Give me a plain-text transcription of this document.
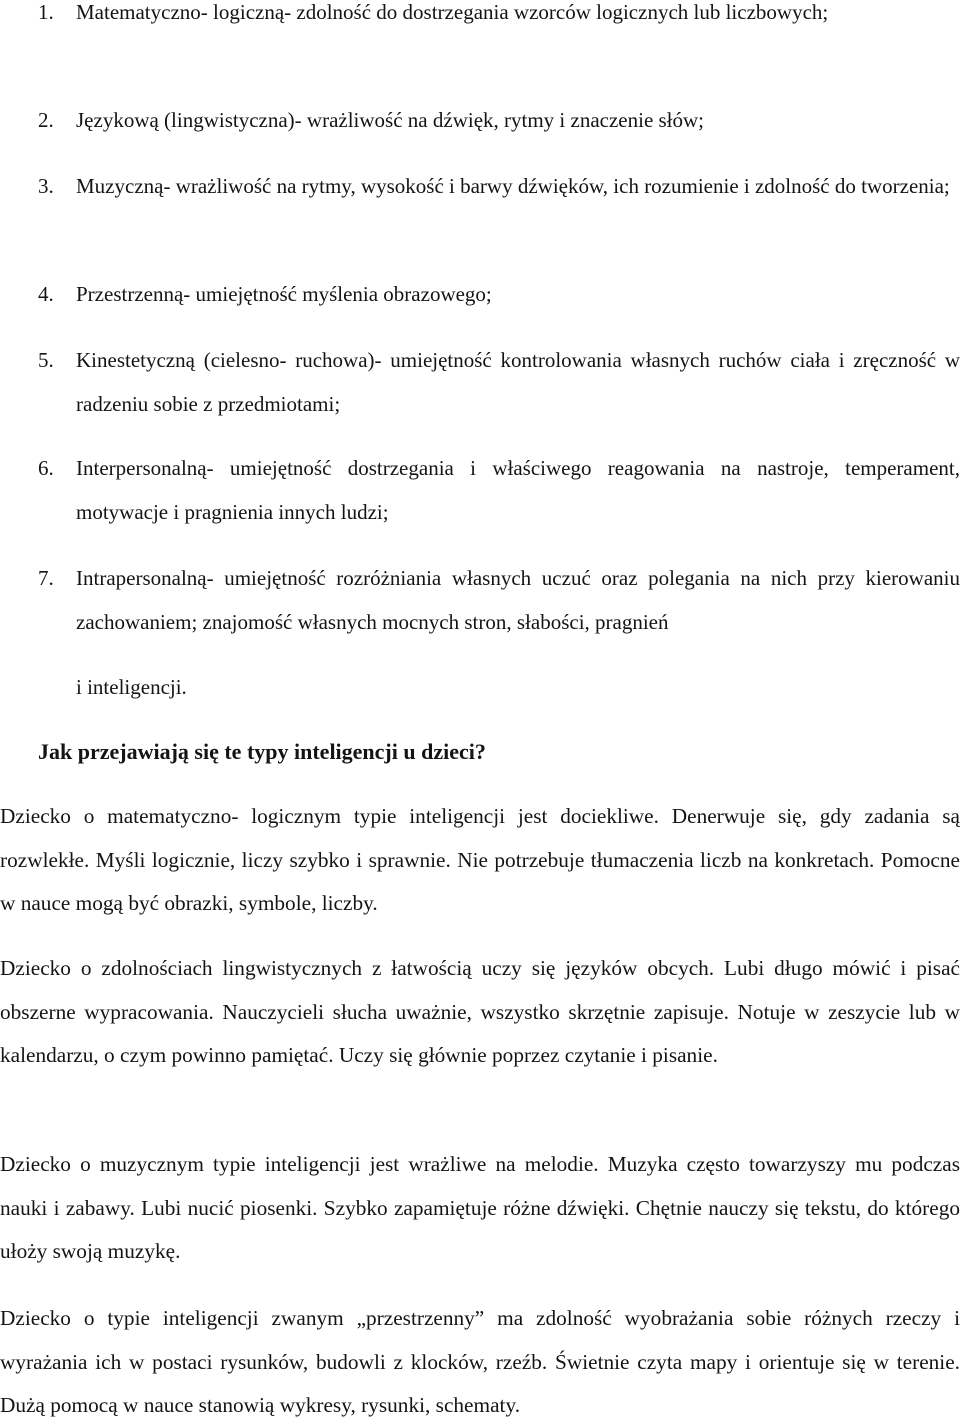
1. Matematyczno- logiczną- zdolność do dostrzegania wzorców logicznych lub liczbowych;
2. Językową (lingwistyczna)- wrażliwość na dźwięk, rytmy i znaczenie słów;
3. Muzyczną- wrażliwość na rytmy, wysokość i barwy dźwięków, ich rozumienie i zdolność do tworzenia;
4. Przestrzenną- umiejętność myślenia obrazowego;
5. Kinestetyczną (cielesno- ruchowa)- umiejętność kontrolowania własnych ruchów ciała i zręczność w radzeniu sobie z przedmiotami;
6. Interpersonalną- umiejętność dostrzegania i właściwego reagowania na nastroje, temperament, motywacje i pragnienia innych ludzi;
7. Intrapersonalną- umiejętność rozróżniania własnych uczuć oraz polegania na nich przy kierowaniu zachowaniem; znajomość własnych mocnych stron, słabości, pragnień
i inteligencji.
Jak przejawiają się te typy inteligencji u dzieci?

Dziecko o matematyczno- logicznym typie inteligencji jest dociekliwe. Denerwuje się, gdy zadania są rozwlekłe. Myśli logicznie, liczy szybko i sprawnie. Nie potrzebuje tłumaczenia liczb na konkretach. Pomocne w nauce mogą być obrazki, symbole, liczby.

Dziecko o zdolnościach lingwistycznych z łatwością uczy się języków obcych. Lubi długo mówić i pisać obszerne wypracowania. Nauczycieli słucha uważnie, wszystko skrzętnie zapisuje. Notuje w zeszycie lub w kalendarzu, o czym powinno pamiętać. Uczy się głównie poprzez czytanie i pisanie.

Dziecko o muzycznym typie inteligencji jest wrażliwe na melodie. Muzyka często towarzyszy mu podczas nauki i zabawy. Lubi nucić piosenki. Szybko zapamiętuje różne dźwięki. Chętnie nauczy się tekstu, do którego ułoży swoją muzykę.

Dziecko o typie inteligencji zwanym „przestrzenny” ma zdolność wyobrażania sobie różnych rzeczy i wyrażania ich w postaci rysunków, budowli z klocków, rzeźb. Świetnie czyta mapy i orientuje się w terenie. Dużą pomocą w nauce stanowią wykresy, rysunki, schematy.
